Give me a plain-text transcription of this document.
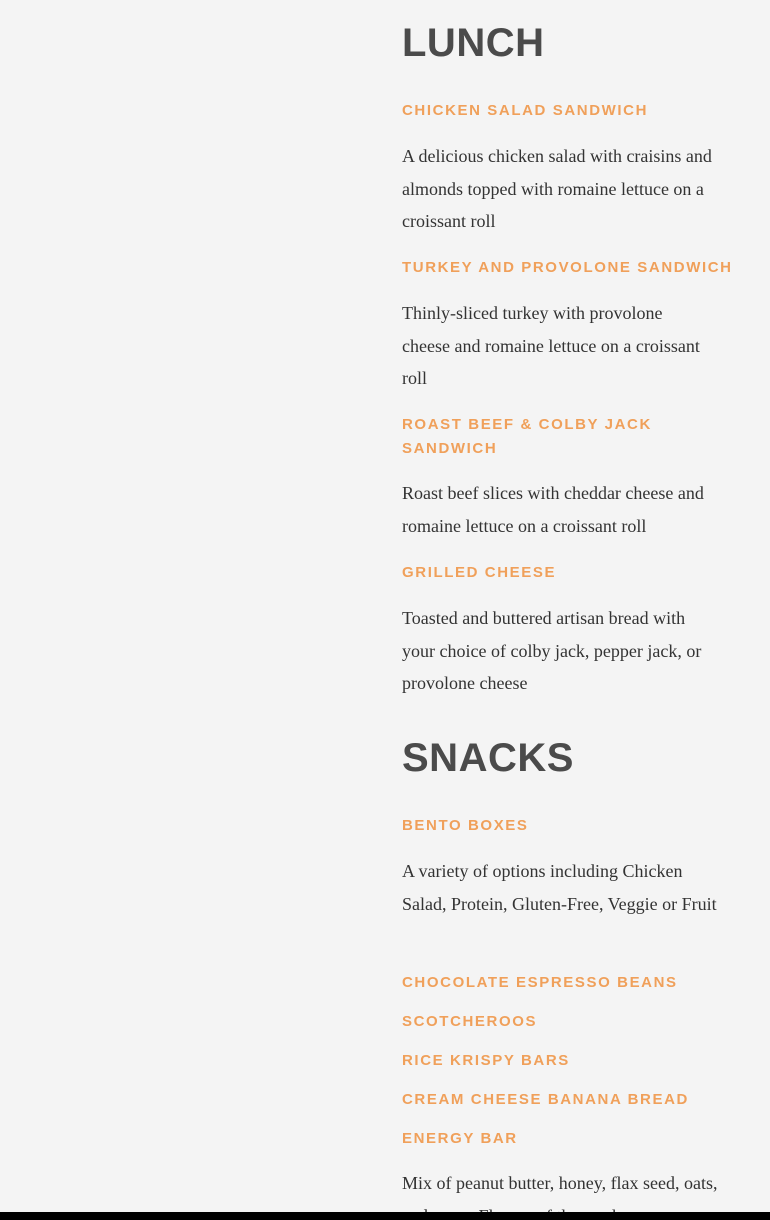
LUNCH
CHICKEN SALAD SANDWICH

A delicious chicken salad with craisins and almonds topped with romaine lettuce on a croissant roll

TURKEY AND PROVOLONE SANDWICH

Thinly-sliced turkey with provolone cheese and romaine lettuce on a croissant roll

ROAST BEEF & COLBY JACK SANDWICH

Roast beef slices with cheddar cheese and romaine lettuce on a croissant roll

GRILLED CHEESE

Toasted and buttered artisan bread with your choice of colby jack, pepper jack, or provolone cheese

SNACKS
BENTO BOXES

A variety of options including Chicken Salad, Protein, Gluten-Free, Veggie or Fruit

CHOCOLATE ESPRESSO BEANS
SCOTCHEROOS
RICE KRISPY BARS
CREAM CHEESE BANANA BREAD
ENERGY BAR

Mix of peanut butter, honey, flax seed, oats,
